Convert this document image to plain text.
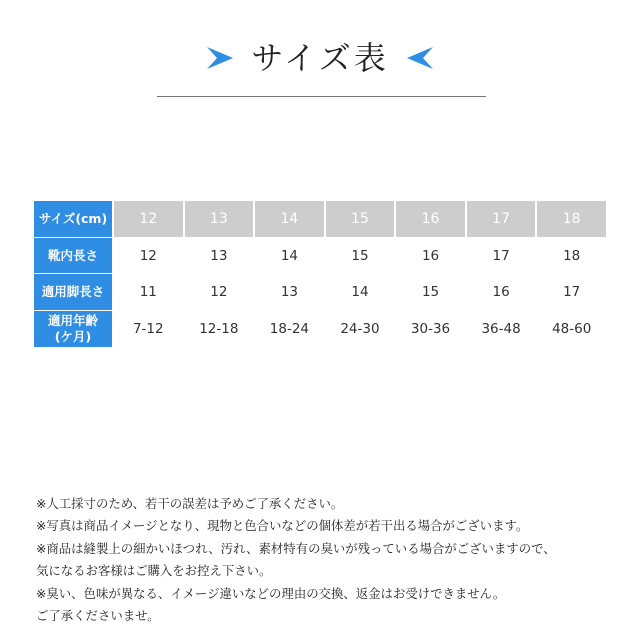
サイズ表
サイズ(cm)	12	13	14	15	16	17	18
靴内長さ	12	13	14	15	16	17	18
適用脚長さ	11	12	13	14	15	16	17
適用年齢
(ケ月)	7-12	12-18	18-24	24-30	30-36	36-48	48-60
※人工採寸のため、若干の誤差は予めご了承ください。
※写真は商品イメージとなり、現物と色合いなどの個体差が若干出る場合がございます。
※商品は縫製上の細かいほつれ、汚れ、素材特有の臭いが残っている場合がございますので、
気になるお客様はご購入をお控え下さい。
※臭い、色味が異なる、イメージ違いなどの理由の交換、返金はお受けできません。
ご了承くださいませ。
